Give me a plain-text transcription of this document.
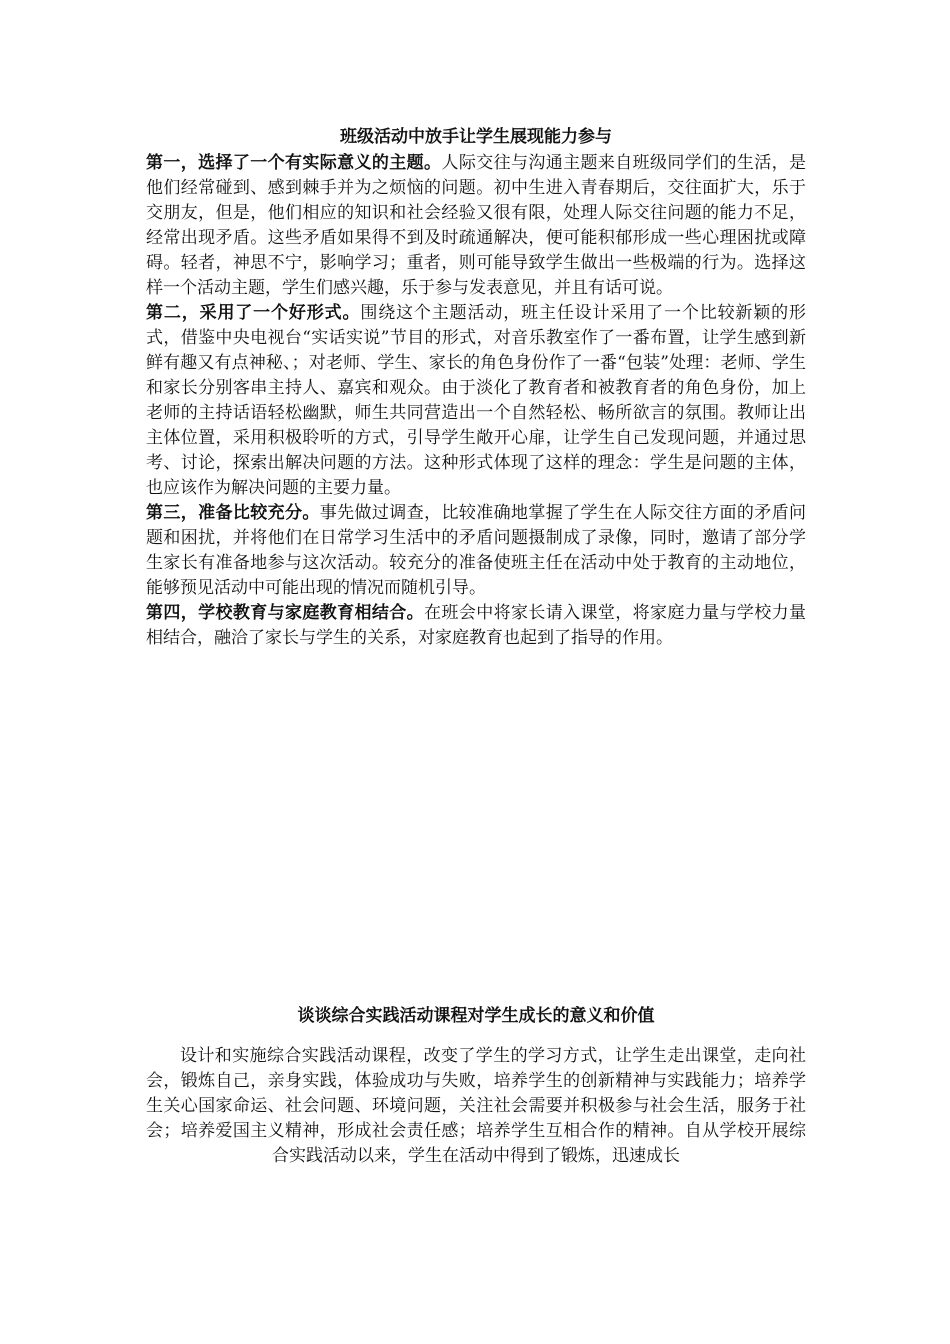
班级活动中放手让学生展现能力参与

第一，选择了一个有实际意义的主题。人际交往与沟通主题来自班级同学们的生活，是他们经常碰到、感到棘手并为之烦恼的问题。初中生进入青春期后，交往面扩大，乐于交朋友，但是，他们相应的知识和社会经验又很有限，处理人际交往问题的能力不足，经常出现矛盾。这些矛盾如果得不到及时疏通解决，便可能积郁形成一些心理困扰或障碍。轻者，神思不宁，影响学习；重者，则可能导致学生做出一些极端的行为。选择这样一个活动主题，学生们感兴趣，乐于参与发表意见，并且有话可说。

第二，采用了一个好形式。围绕这个主题活动，班主任设计采用了一个比较新颖的形式，借鉴中央电视台“实话实说”节目的形式，对音乐教室作了一番布置，让学生感到新鲜有趣又有点神秘、；对老师、学生、家长的角色身份作了一番“包装”处理：老师、学生和家长分别客串主持人、嘉宾和观众。由于淡化了教育者和被教育者的角色身份，加上老师的主持话语轻松幽默，师生共同营造出一个自然轻松、畅所欲言的氛围。教师让出主体位置，采用积极聆听的方式，引导学生敞开心扉，让学生自己发现问题，并通过思考、讨论，探索出解决问题的方法。这种形式体现了这样的理念：学生是问题的主体，也应该作为解决问题的主要力量。

第三，准备比较充分。事先做过调查，比较准确地掌握了学生在人际交往方面的矛盾问题和困扰，并将他们在日常学习生活中的矛盾问题摄制成了录像，同时，邀请了部分学生家长有准备地参与这次活动。较充分的准备使班主任在活动中处于教育的主动地位，能够预见活动中可能出现的情况而随机引导。

第四，学校教育与家庭教育相结合。在班会中将家长请入课堂，将家庭力量与学校力量相结合，融洽了家长与学生的关系，对家庭教育也起到了指导的作用。

谈谈综合实践活动课程对学生成长的意义和价值

设计和实施综合实践活动课程，改变了学生的学习方式，让学生走出课堂，走向社会，锻炼自己，亲身实践，体验成功与失败，培养学生的创新精神与实践能力；培养学生关心国家命运、社会问题、环境问题，关注社会需要并积极参与社会生活，服务于社会；培养爱国主义精神，形成社会责任感；培养学生互相合作的精神。自从学校开展综合实践活动以来，学生在活动中得到了锻炼，迅速成长
